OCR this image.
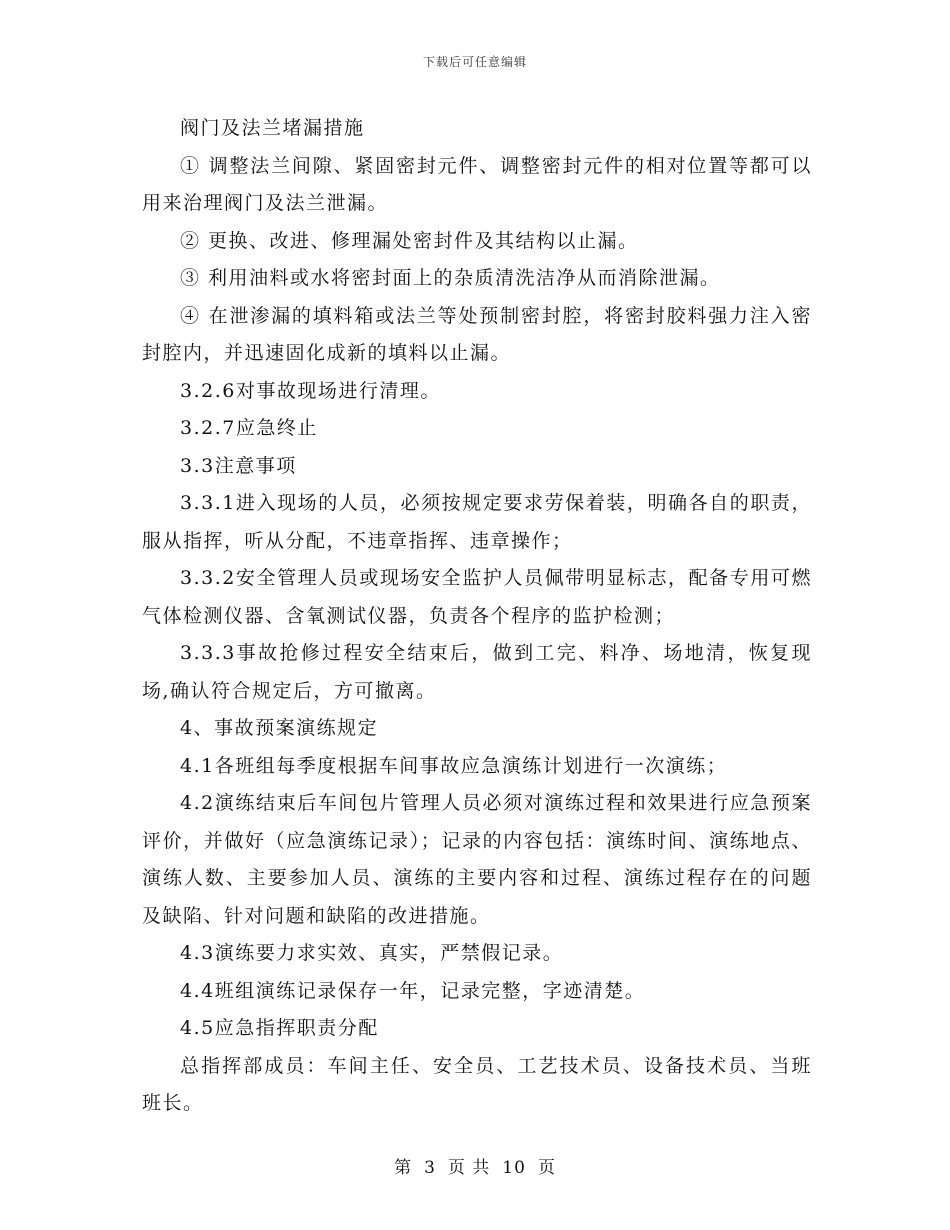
下载后可任意编辑

阀门及法兰堵漏措施

① 调整法兰间隙、紧固密封元件、调整密封元件的相对位置等都可以用来治理阀门及法兰泄漏。

② 更换、改进、修理漏处密封件及其结构以止漏。

③ 利用油料或水将密封面上的杂质清洗洁净从而消除泄漏。

④ 在泄渗漏的填料箱或法兰等处预制密封腔，将密封胶料强力注入密封腔内，并迅速固化成新的填料以止漏。

3.2.6对事故现场进行清理。

3.2.7应急终止

3.3注意事项

3.3.1进入现场的人员，必须按规定要求劳保着装，明确各自的职责，服从指挥，听从分配，不违章指挥、违章操作；

3.3.2安全管理人员或现场安全监护人员佩带明显标志，配备专用可燃气体检测仪器、含氧测试仪器，负责各个程序的监护检测；

3.3.3事故抢修过程安全结束后，做到工完、料净、场地清，恢复现场,确认符合规定后，方可撤离。

4、事故预案演练规定

4.1各班组每季度根据车间事故应急演练计划进行一次演练；

4.2演练结束后车间包片管理人员必须对演练过程和效果进行应急预案评价，并做好（应急演练记录）；记录的内容包括：演练时间、演练地点、演练人数、主要参加人员、演练的主要内容和过程、演练过程存在的问题及缺陷、针对问题和缺陷的改进措施。

4.3演练要力求实效、真实，严禁假记录。

4.4班组演练记录保存一年，记录完整，字迹清楚。

4.5应急指挥职责分配

总指挥部成员：车间主任、安全员、工艺技术员、设备技术员、当班班长。

第 3 页 共 10 页
